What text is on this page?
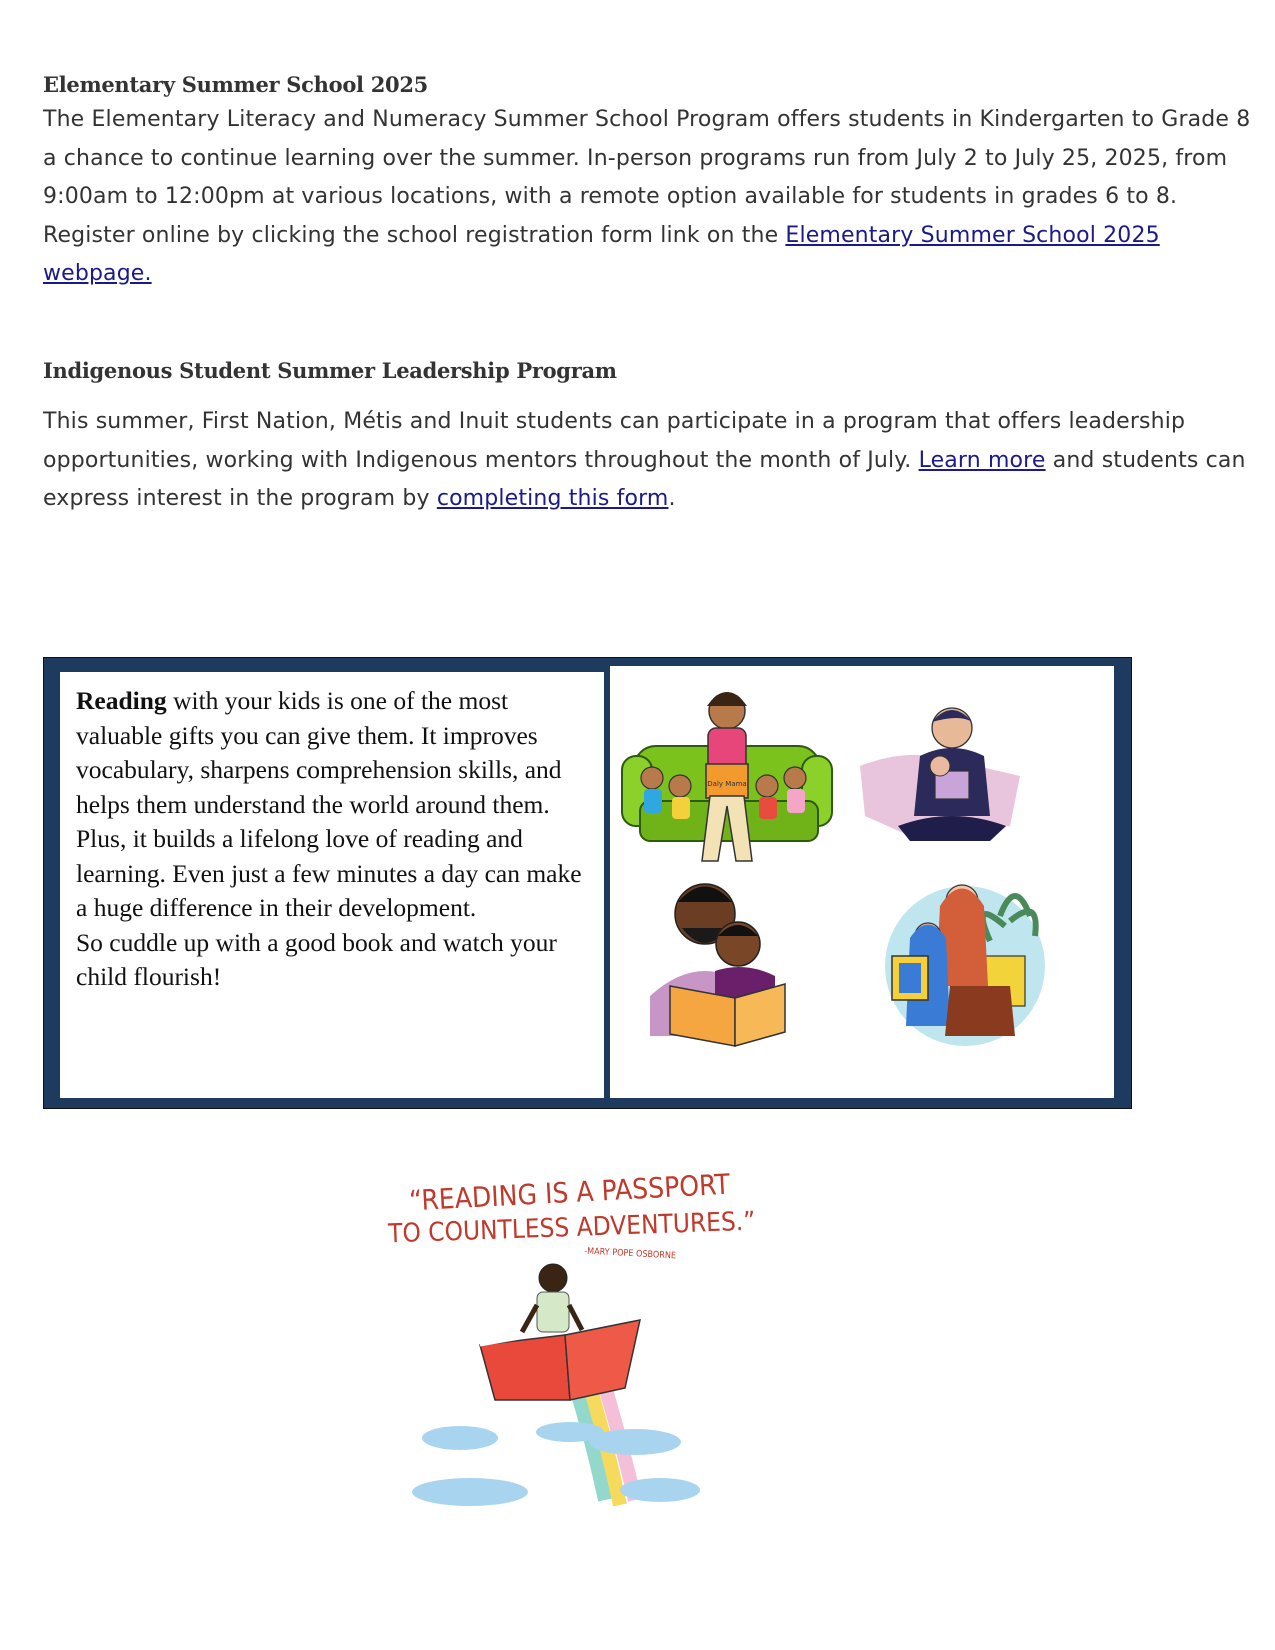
Elementary Summer School 2025

The Elementary Literacy and Numeracy Summer School Program offers students in Kindergarten to Grade 8 a chance to continue learning over the summer. In-person programs run from July 2 to July 25, 2025, from 9:00am to 12:00pm at various locations, with a remote option available for students in grades 6 to 8. Register online by clicking the school registration form link on the Elementary Summer School 2025 webpage.

Indigenous Student Summer Leadership Program

This summer, First Nation, Métis and Inuit students can participate in a program that offers leadership opportunities, working with Indigenous mentors throughout the month of July. Learn more and students can express interest in the program by completing this form.

Reading with your kids is one of the most valuable gifts you can give them. It improves vocabulary, sharpens comprehension skills, and helps them understand the world around them. Plus, it builds a lifelong love of reading and learning. Even just a few minutes a day can make a huge difference in their development.
So cuddle up with a good book and watch your child flourish!

Daly Mama
“READING IS A PASSPORT
TO COUNTLESS ADVENTURES.”
-MARY POPE OSBORNE
